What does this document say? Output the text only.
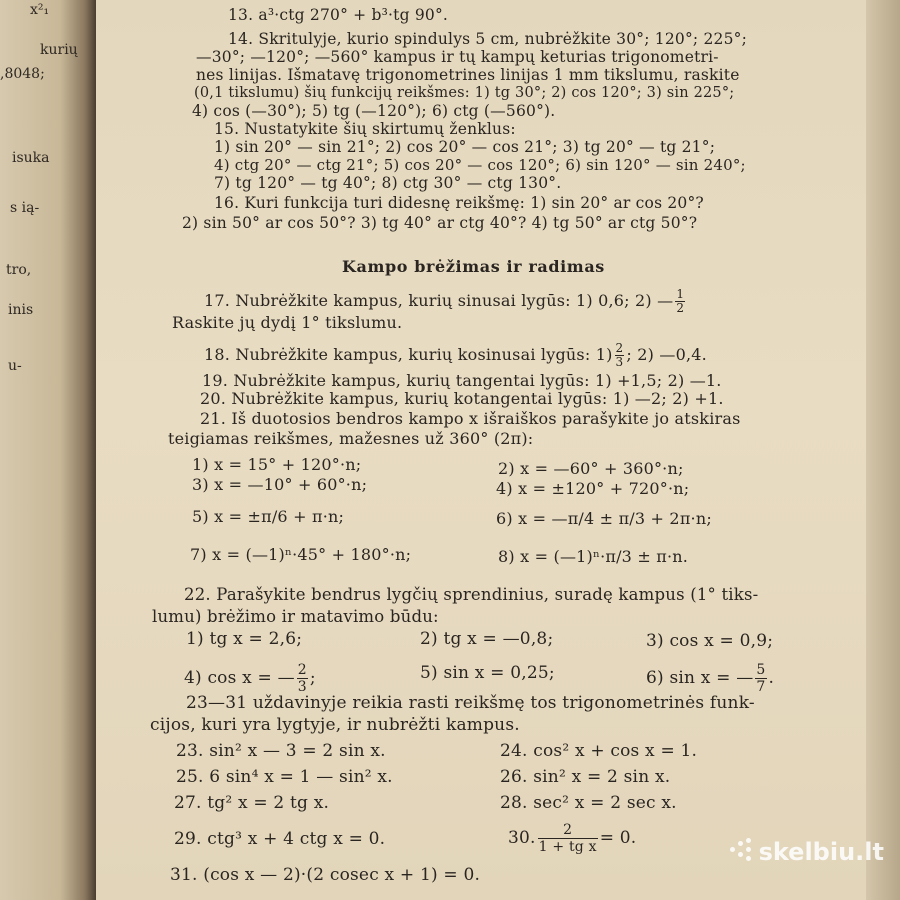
x²₁
kurių
,8048;
isuka
s ią-
tro,
inis
u-
13. a³·ctg 270° + b³·tg 90°.
14. Skritulyje, kurio spindulys 5 cm, nubrėžkite 30°; 120°; 225°;
—30°; —120°; —560° kampus ir tų kampų keturias trigonometri-
nes linijas. Išmatavę trigonometrines linijas 1 mm tikslumu, raskite
(0,1 tikslumu) šių funkcijų reikšmes: 1) tg 30°; 2) cos 120°; 3) sin 225°;
4) cos (—30°); 5) tg (—120°); 6) ctg (—560°).
15. Nustatykite šių skirtumų ženklus:
1) sin 20° — sin 21°; 2) cos 20° — cos 21°; 3) tg 20° — tg 21°;
4) ctg 20° — ctg 21°; 5) cos 20° — cos 120°; 6) sin 120° — sin 240°;
7) tg 120° — tg 40°; 8) ctg 30° — ctg 130°.
16. Kuri funkcija turi didesnę reikšmę: 1) sin 20° ar cos 20°?
2) sin 50° ar cos 50°? 3) tg 40° ar ctg 40°? 4) tg 50° ar ctg 50°?
Kampo brėžimas ir radimas
17. Nubrėžkite kampus, kurių sinusai lygūs: 1) 0,6; 2) — $\frac{1}{2}$
Raskite jų dydį 1° tikslumu.
18. Nubrėžkite kampus, kurių kosinusai lygūs: $1) \frac{2}{3}$ ; 2) —0,4.
19. Nubrėžkite kampus, kurių tangentai lygūs: 1) +1,5; 2) —1.
20. Nubrėžkite kampus, kurių kotangentai lygūs: 1) —2; 2) +1.
21. Iš duotosios bendros kampo x išraiškos parašykite jo atskiras
teigiamas reikšmes, mažesnes už 360° (2π):
1) x = 15° + 120°·n;	2) x = —60° + 360°·n;
3) x = —10° + 60°·n;	4) x = ±120° + 720°·n;
5) x = ±π/6 + π·n;	6) x = —π/4 ± π/3 + 2π·n;
7) x = (—1)ⁿ·45° + 180°·n;	8) x = (—1)ⁿ·π/3 ± π·n.
22. Parašykite bendrus lygčių sprendinius, suradę kampus (1° tiks-
lumu) brėžimo ir matavimo būdu:
1) tg x = 2,6;	2) tg x = —0,8;	3) cos x = 0,9;
4) cos x = — $\frac{2}{3}$ ;	5) sin x = 0,25;	6) sin x = — $\frac{5}{7}$ .
23—31 uždavinyje reikia rasti reikšmę tos trigonometrinės funk-
cijos, kuri yra lygtyje, ir nubrėžti kampus.
23. sin² x — 3 = 2 sin x.	24. cos² x + cos x = 1.
25. 6 sin⁴ x = 1 — sin² x.	26. sin² x = 2 sin x.
27. tg² x = 2 tg x.	28. sec² x = 2 sec x.
29. ctg³ x + 4 ctg x = 0.	30. $\frac{2}{\text{1 + tg x}} = 0$.
31. (cos x — 2)·(2 cosec x + 1) = 0.
skelbiu.lt
